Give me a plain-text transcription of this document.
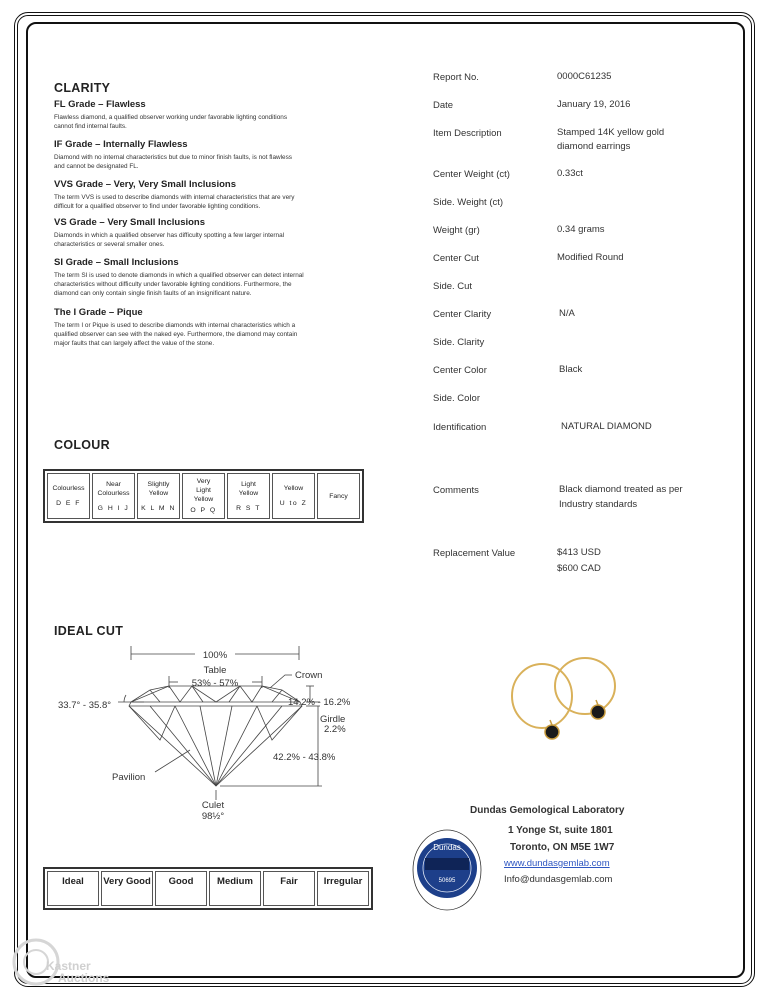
CLARITY
FL Grade – Flawless
Flawless diamond, a qualified observer working under favorable lighting conditions
cannot find internal faults.
IF Grade – Internally Flawless
Diamond with no internal characteristics but due to minor finish faults, is not flawless
and cannot be designated FL.
VVS Grade – Very, Very Small Inclusions
The term VVS is used to describe diamonds with internal characteristics that are very
difficult for a qualified observer to find under favorable lighting conditions.
VS Grade – Very Small Inclusions
Diamonds in which a qualified observer has difficulty spotting a few larger internal
characteristics or several smaller ones.
SI Grade – Small Inclusions
The term SI is used to denote diamonds in which a qualified observer can detect internal
characteristics without difficulty under favorable lighting conditions. Furthermore, the
diamond can only contain single finish faults of an insignificant nature.
The I Grade – Pique
The term I or Pique is used to describe diamonds with internal characteristics which a
qualified observer can see with the naked eye. Furthermore, the diamond may contain
major faults that can largely affect the value of the stone.
COLOUR
Colourless
D E F

Near
Colourless
G H I J

Slightly
Yellow
K L M N

Very
Light
Yellow
O P Q

Light
Yellow
R S T

Yellow
U to Z

Fancy
IDEAL CUT
100%
Table
53% - 57%
Crown
33.7° - 35.8°	14.2% - 16.2%
Girdle
2.2%
42.2% - 43.8%
Pavilion
Culet
98½°
Ideal	Very Good	Good	Medium	Fair	Irregular
Report No.	0000C61235
Date	January 19, 2016
Item Description	Stamped 14K yellow gold
diamond earrings
Center Weight (ct)	0.33ct
Side. Weight (ct)
Weight (gr)	0.34 grams
Center Cut	Modified Round
Side. Cut
Center Clarity	N/A
Side. Clarity
Center Color	Black
Side. Color
Identification	NATURAL DIAMOND
Comments	Black diamond treated as per
Industry standards
Replacement Value	$413 USD
$600 CAD
Dundas Gemological Laboratory
1 Yonge St, suite 1801
Toronto, ON M5E 1W7
www.dundasgemlab.com
Info@dundasgemlab.com
Dundas
50695
Kastner
Auctions
